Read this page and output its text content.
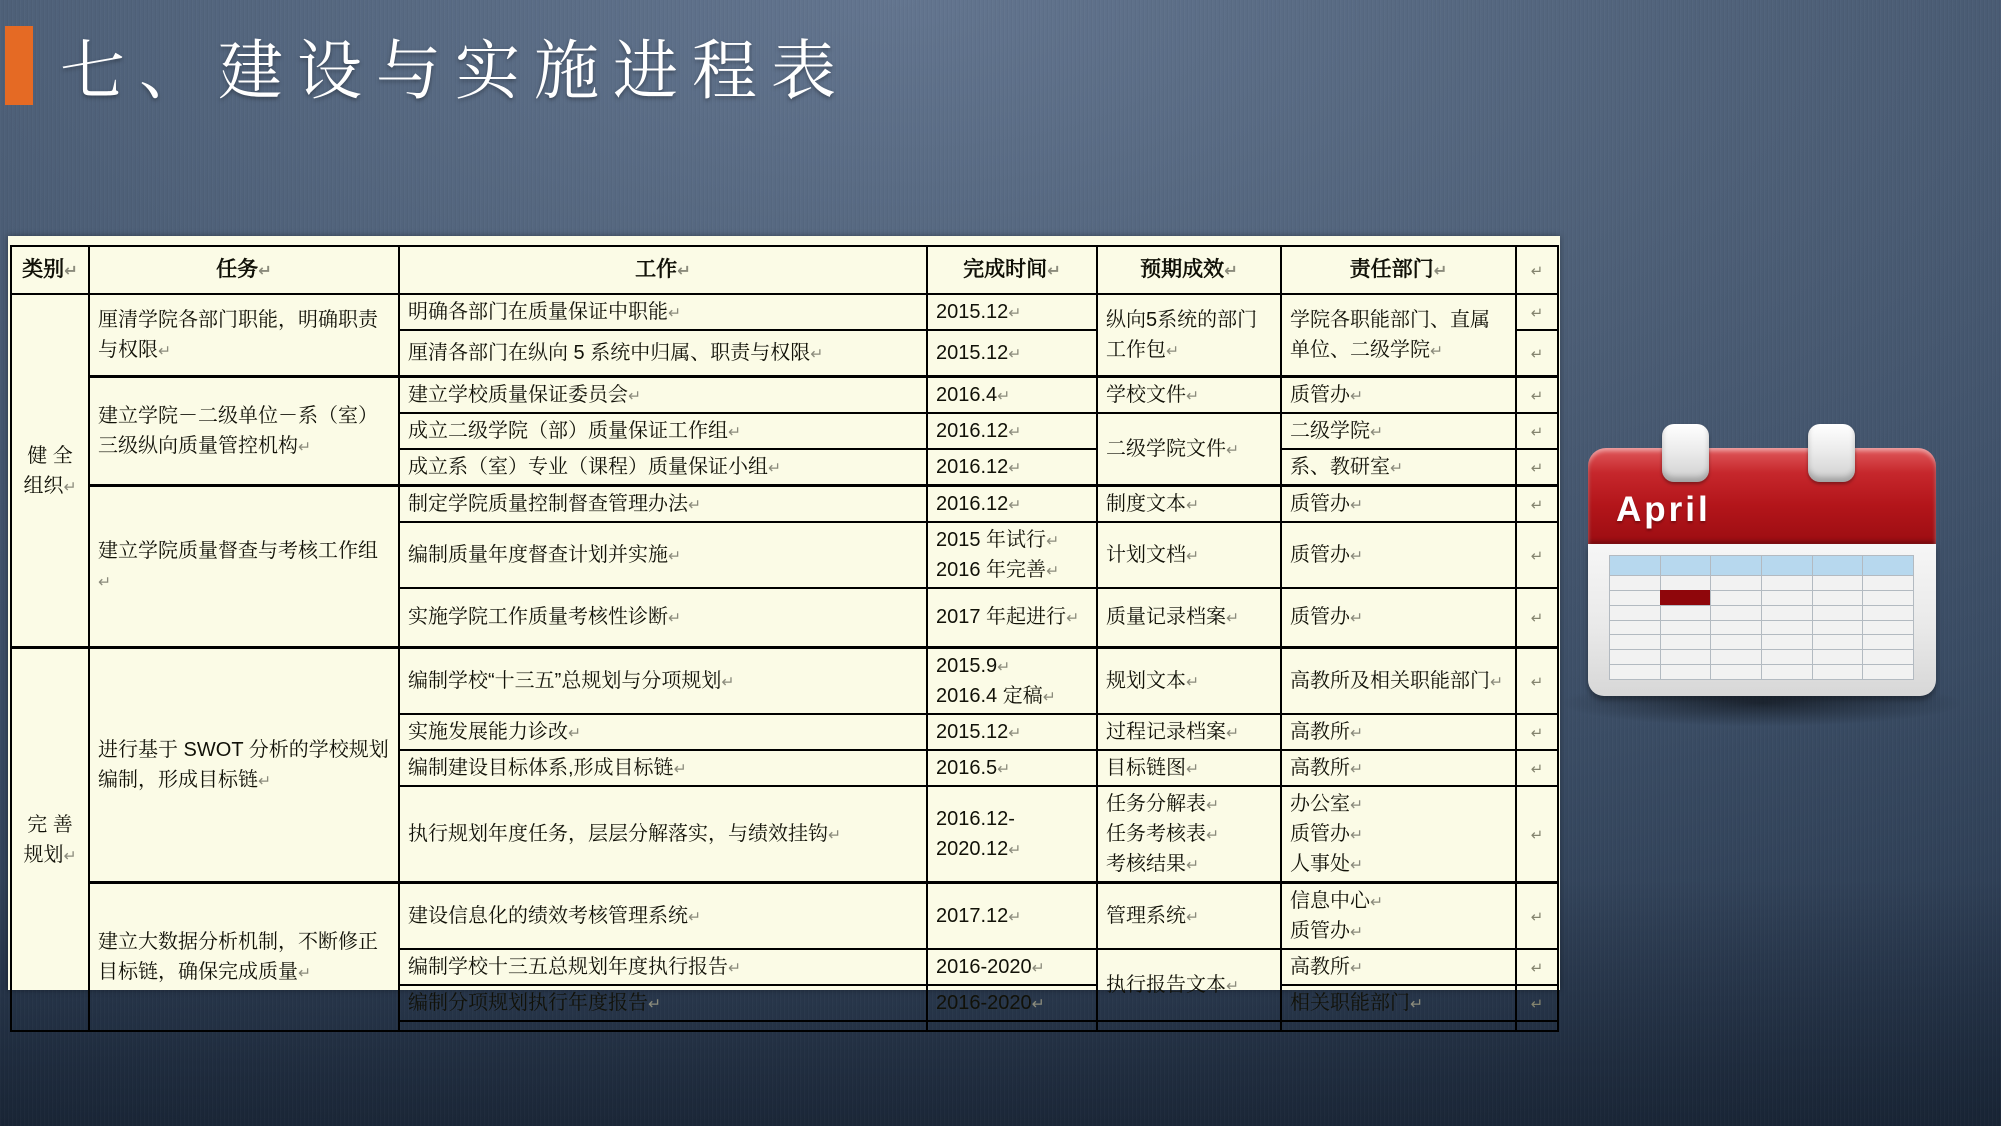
七、建设与实施进程表
类别↵	任务↵	工作↵	完成时间↵	预期成效↵	责任部门↵	↵
健 全
组织↵	厘清学院各部门职能，明确职责与权限↵	明确各部门在质量保证中职能↵	2015.12↵	纵向5系统的部门工作包↵	学院各职能部门、直属单位、二级学院↵	↵
		厘清各部门在纵向 5 系统中归属、职责与权限↵	2015.12↵			↵
	建立学院－二级单位－系（室）三级纵向质量管控机构↵	建立学校质量保证委员会↵	2016.4↵	学校文件↵	质管办↵	↵
		成立二级学院（部）质量保证工作组↵	2016.12↵	二级学院文件↵	二级学院↵	↵
		成立系（室）专业（课程）质量保证小组↵	2016.12↵		系、教研室↵	↵
	建立学院质量督查与考核工作组↵	制定学院质量控制督查管理办法↵	2016.12↵	制度文本↵	质管办↵	↵
		编制质量年度督查计划并实施↵	2015 年试行↵
2016 年完善↵	计划文档↵	质管办↵	↵
		实施学院工作质量考核性诊断↵	2017 年起进行↵	质量记录档案↵	质管办↵	↵
完 善
规划↵	进行基于 SWOT 分析的学校规划编制，形成目标链↵	编制学校“十三五”总规划与分项规划↵	2015.9↵
2016.4 定稿↵	规划文本↵	高教所及相关职能部门↵	↵
		实施发展能力诊改↵	2015.12↵	过程记录档案↵	高教所↵	↵
		编制建设目标体系,形成目标链↵	2016.5↵	目标链图↵	高教所↵	↵
		执行规划年度任务，层层分解落实，与绩效挂钩↵	2016.12-
2020.12↵	任务分解表↵
任务考核表↵
考核结果↵	办公室↵
质管办↵
人事处↵	↵
	建立大数据分析机制，不断修正目标链，确保完成质量↵	建设信息化的绩效考核管理系统↵	2017.12↵	管理系统↵	信息中心↵
质管办↵	↵
		编制学校十三五总规划年度执行报告↵	2016-2020↵	执行报告文本↵	高教所↵	↵
		编制分项规划执行年度报告↵	2016-2020↵		相关职能部门↵	↵

April
